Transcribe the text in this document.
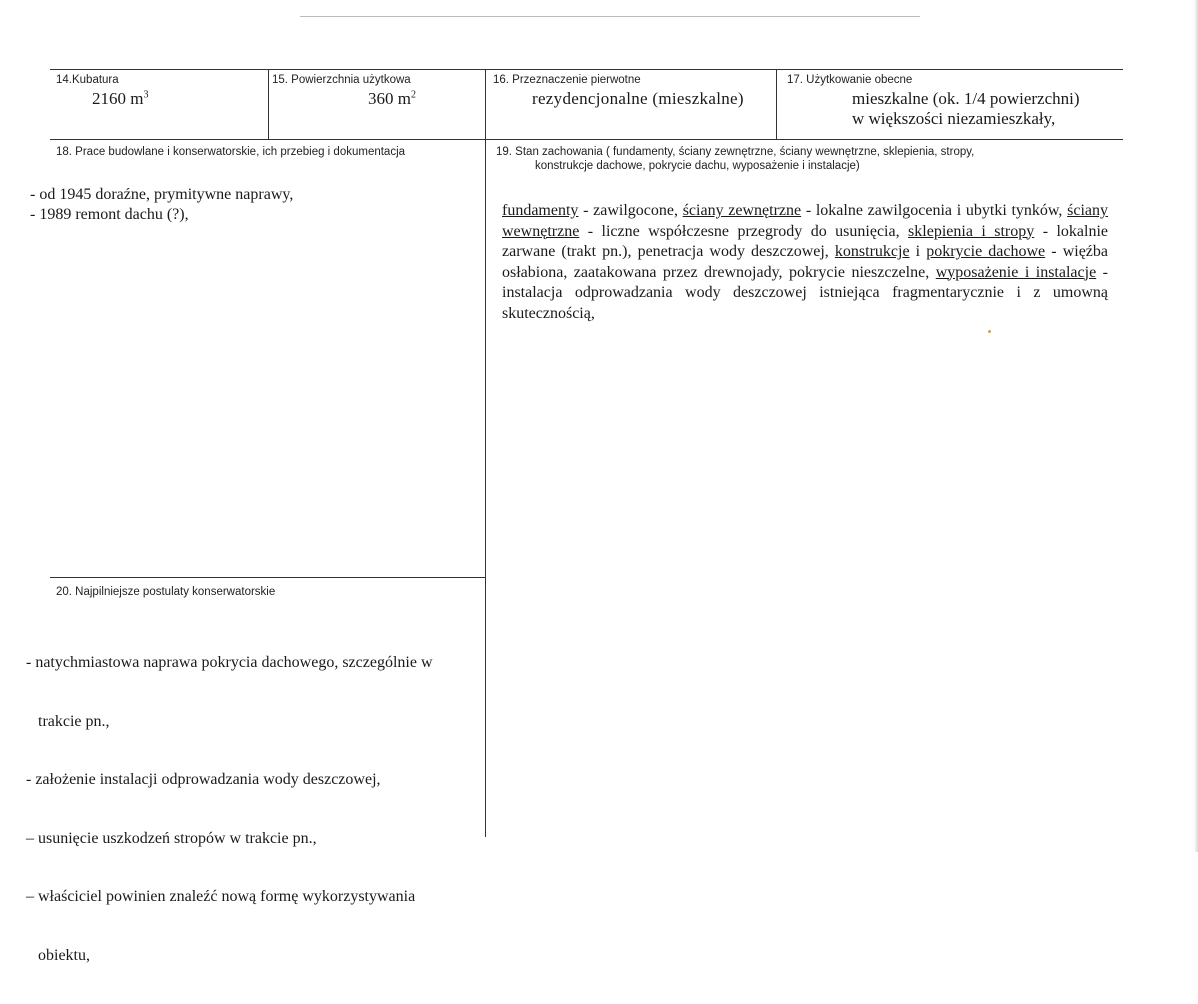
14.Kubatura
2160 $m^3$
15. Powierzchnia użytkowa
360 $m^2$
16. Przeznaczenie pierwotne
rezydencjonalne (mieszkalne)
17. Użytkowanie obecne
mieszkalne (ok. 1/4 powierzchni)
w większości niezamieszkały,
18. Prace budowlane i konserwatorskie, ich przebieg i dokumentacja

- od 1945 doraźne, prymitywne naprawy,

- 1989 remont dachu (?),

19. Stan zachowania ( fundamenty, ściany zewnętrzne, ściany wewnętrzne, sklepienia, stropy,
konstrukcje dachowe, pokrycie dachu, wyposażenie i instalacje)
fundamenty - zawilgocone, ściany zewnętrzne - lokalne zawilgocenia i ubytki tynków, ściany wewnętrzne - liczne współczesne przegrody do usunięcia, sklepienia i stropy - lokalnie zarwane (trakt pn.), penetracja wody deszczowej, konstrukcje i pokrycie dachowe - więźba osłabiona, zaatakowana przez drewnojady, pokrycie nieszczelne, wyposażenie i instalacje - instalacja odprowadzania wody deszczowej istniejąca fragmentarycznie i z umowną skutecznością,
20. Najpilniejsze postulaty konserwatorskie

- natychmiastowa naprawa pokrycia dachowego, szczególnie w

trakcie pn.,

- założenie instalacji odprowadzania wody deszczowej,

– usunięcie uszkodzeń stropów w trakcie pn.,

– właściciel powinien znaleźć nową formę wykorzystywania

obiektu,
